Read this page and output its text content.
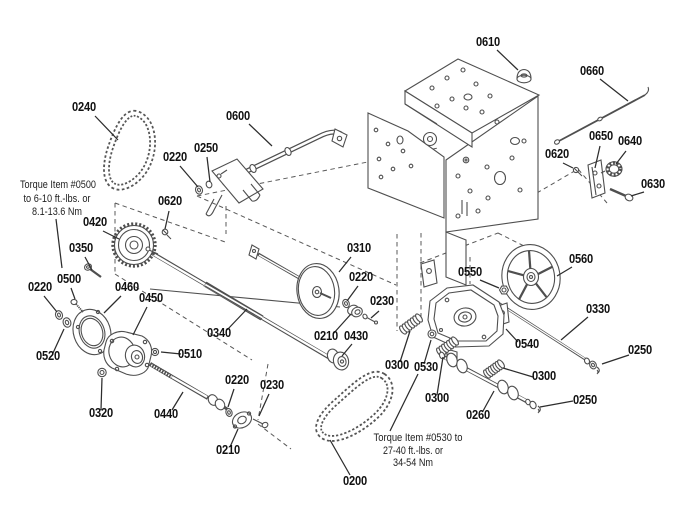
0240
0610
0660
0600
0650 0640
0250
0220	0620
0630
0620
0420
0310
0350
0560
0550
0220
0500
0220	0460
0450	0230
0330
0340	0210 0430
0540
0510
0520
0300 0530
0250
0300
0220 0230
0300	0250
0320	0440	0260
0210
0200
Torque Item #0500
to 6-10 ft.-lbs. or
8.1-13.6 Nm
Torque Item #0530 to
27-40 ft.-lbs. or
34-54 Nm
